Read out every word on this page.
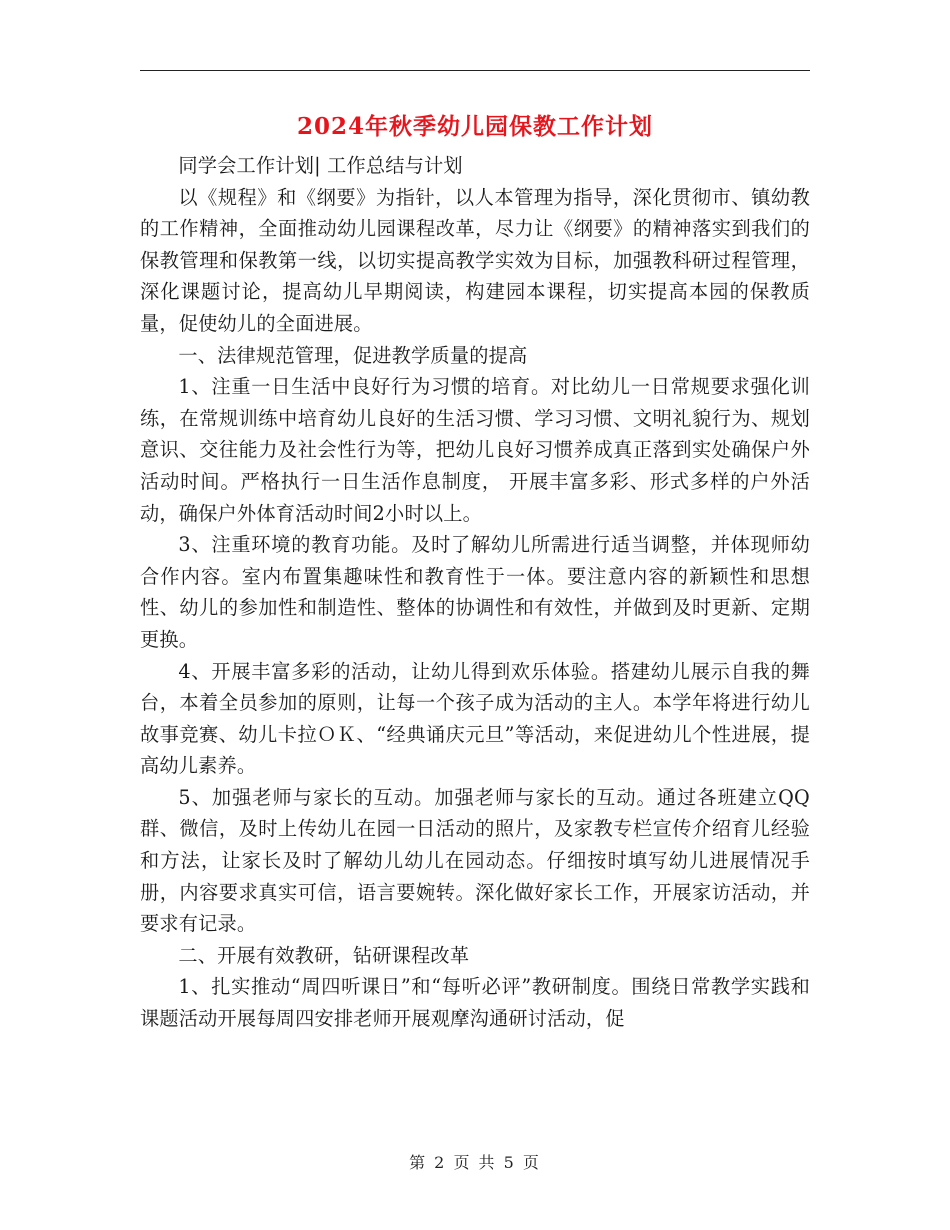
2024年秋季幼儿园保教工作计划

同学会工作计划| 工作总结与计划

以《规程》和《纲要》为指针，以人本管理为指导，深化贯彻市、镇幼教的工作精神，全面推动幼儿园课程改革，尽力让《纲要》的精神落实到我们的保教管理和保教第一线，以切实提高教学实效为目标，加强教科研过程管理，深化课题讨论，提高幼儿早期阅读，构建园本课程，切实提高本园的保教质量，促使幼儿的全面进展。

一、法律规范管理，促进教学质量的提高

1、注重一日生活中良好行为习惯的培育。对比幼儿一日常规要求强化训练，在常规训练中培育幼儿良好的生活习惯、学习习惯、文明礼貌行为、规划意识、交往能力及社会性行为等，把幼儿良好习惯养成真正落到实处确保户外活动时间。严格执行一日生活作息制度， 开展丰富多彩、形式多样的户外活动，确保户外体育活动时间2小时以上。

3、注重环境的教育功能。及时了解幼儿所需进行适当调整，并体现师幼合作内容。室内布置集趣味性和教育性于一体。要注意内容的新颖性和思想性、幼儿的参加性和制造性、整体的协调性和有效性，并做到及时更新、定期更换。

4、开展丰富多彩的活动，让幼儿得到欢乐体验。搭建幼儿展示自我的舞台，本着全员参加的原则，让每一个孩子成为活动的主人。本学年将进行幼儿故事竞赛、幼儿卡拉ＯＫ、“经典诵庆元旦”等活动，来促进幼儿个性进展，提高幼儿素养。

5、加强老师与家长的互动。加强老师与家长的互动。通过各班建立QQ群、微信，及时上传幼儿在园一日活动的照片，及家教专栏宣传介绍育儿经验和方法，让家长及时了解幼儿幼儿在园动态。仔细按时填写幼儿进展情况手册，内容要求真实可信，语言要婉转。深化做好家长工作，开展家访活动，并要求有记录。

二、开展有效教研，钻研课程改革

1、扎实推动“周四听课日”和“每听必评”教研制度。围绕日常教学实践和课题活动开展每周四安排老师开展观摩沟通研讨活动，促

第 2 页 共 5 页
